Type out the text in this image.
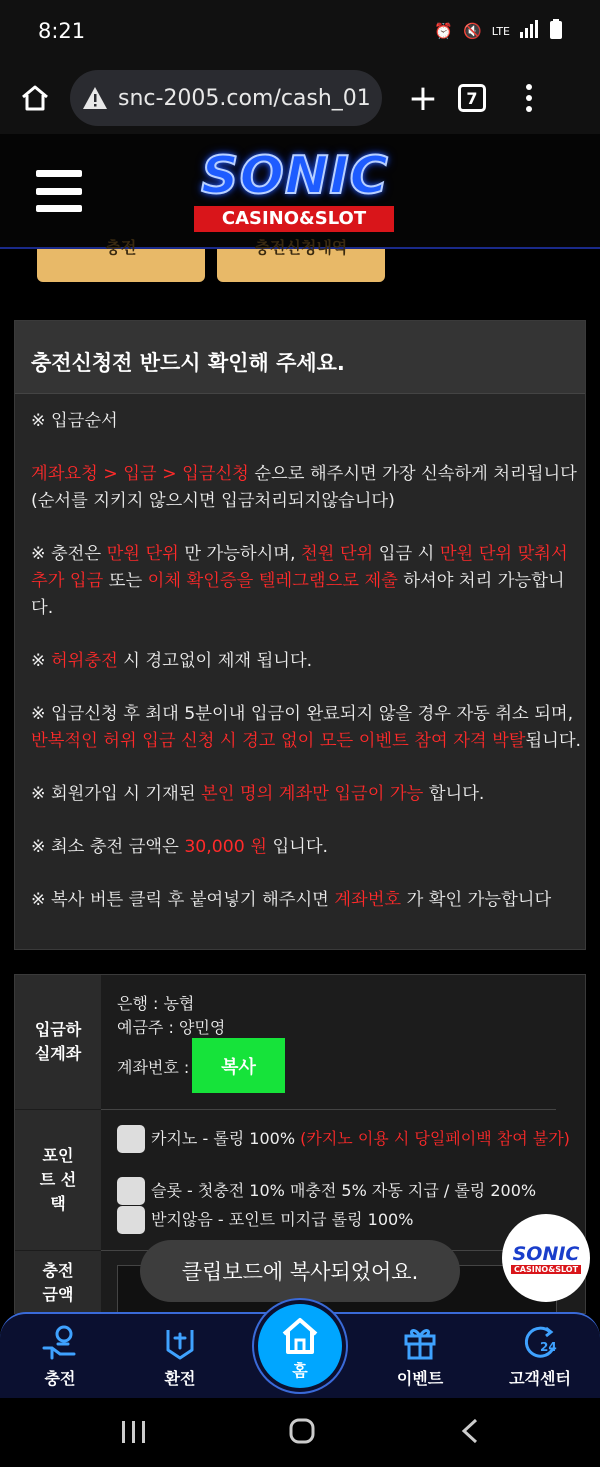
8:21	⏰ 🔇 LTE
snc-2005.com/cash_01	+	7
SONIC
CASINO&SLOT
충전	충전신청내역
충전신청전 반드시 확인해 주세요.

※ 입금순서

계좌요청 > 입금 > 입금신청 순으로 해주시면 가장 신속하게 처리됩니다 (순서를 지키지 않으시면 입금처리되지않습니다)

※ 충전은 만원 단위 만 가능하시며, 천원 단위 입금 시 만원 단위 맞춰서 추가 입금 또는 이체 확인증을 텔레그램으로 제출 하셔야 처리 가능합니다.

※ 허위충전 시 경고없이 제재 됩니다.

※ 입금신청 후 최대 5분이내 입금이 완료되지 않을 경우 자동 취소 되며, 반복적인 허위 입금 신청 시 경고 없이 모든 이벤트 참여 자격 박탈됩니다.

※ 회원가입 시 기재된 본인 명의 계좌만 입금이 가능 합니다.

※ 최소 충전 금액은 30,000 원 입니다.

※ 복사 버튼 클릭 후 붙여넣기 해주시면 계좌번호 가 확인 가능합니다

입금하 실계좌
은행 : 농협
예금주 : 양민영
계좌번호 :	복사
포인트 선택
카지노 - 롤링 100% (카지노 이용 시 당일페이백 참여 불가)
슬롯 - 첫충전 10% 매충전 5% 자동 지급 / 롤링 200%
받지않음 - 포인트 미지급 롤링 100%
충전금액
클립보드에 복사되었어요.
SONIC
CASINO&SLOT
충전	환전	홈	이벤트
24
고객센터
